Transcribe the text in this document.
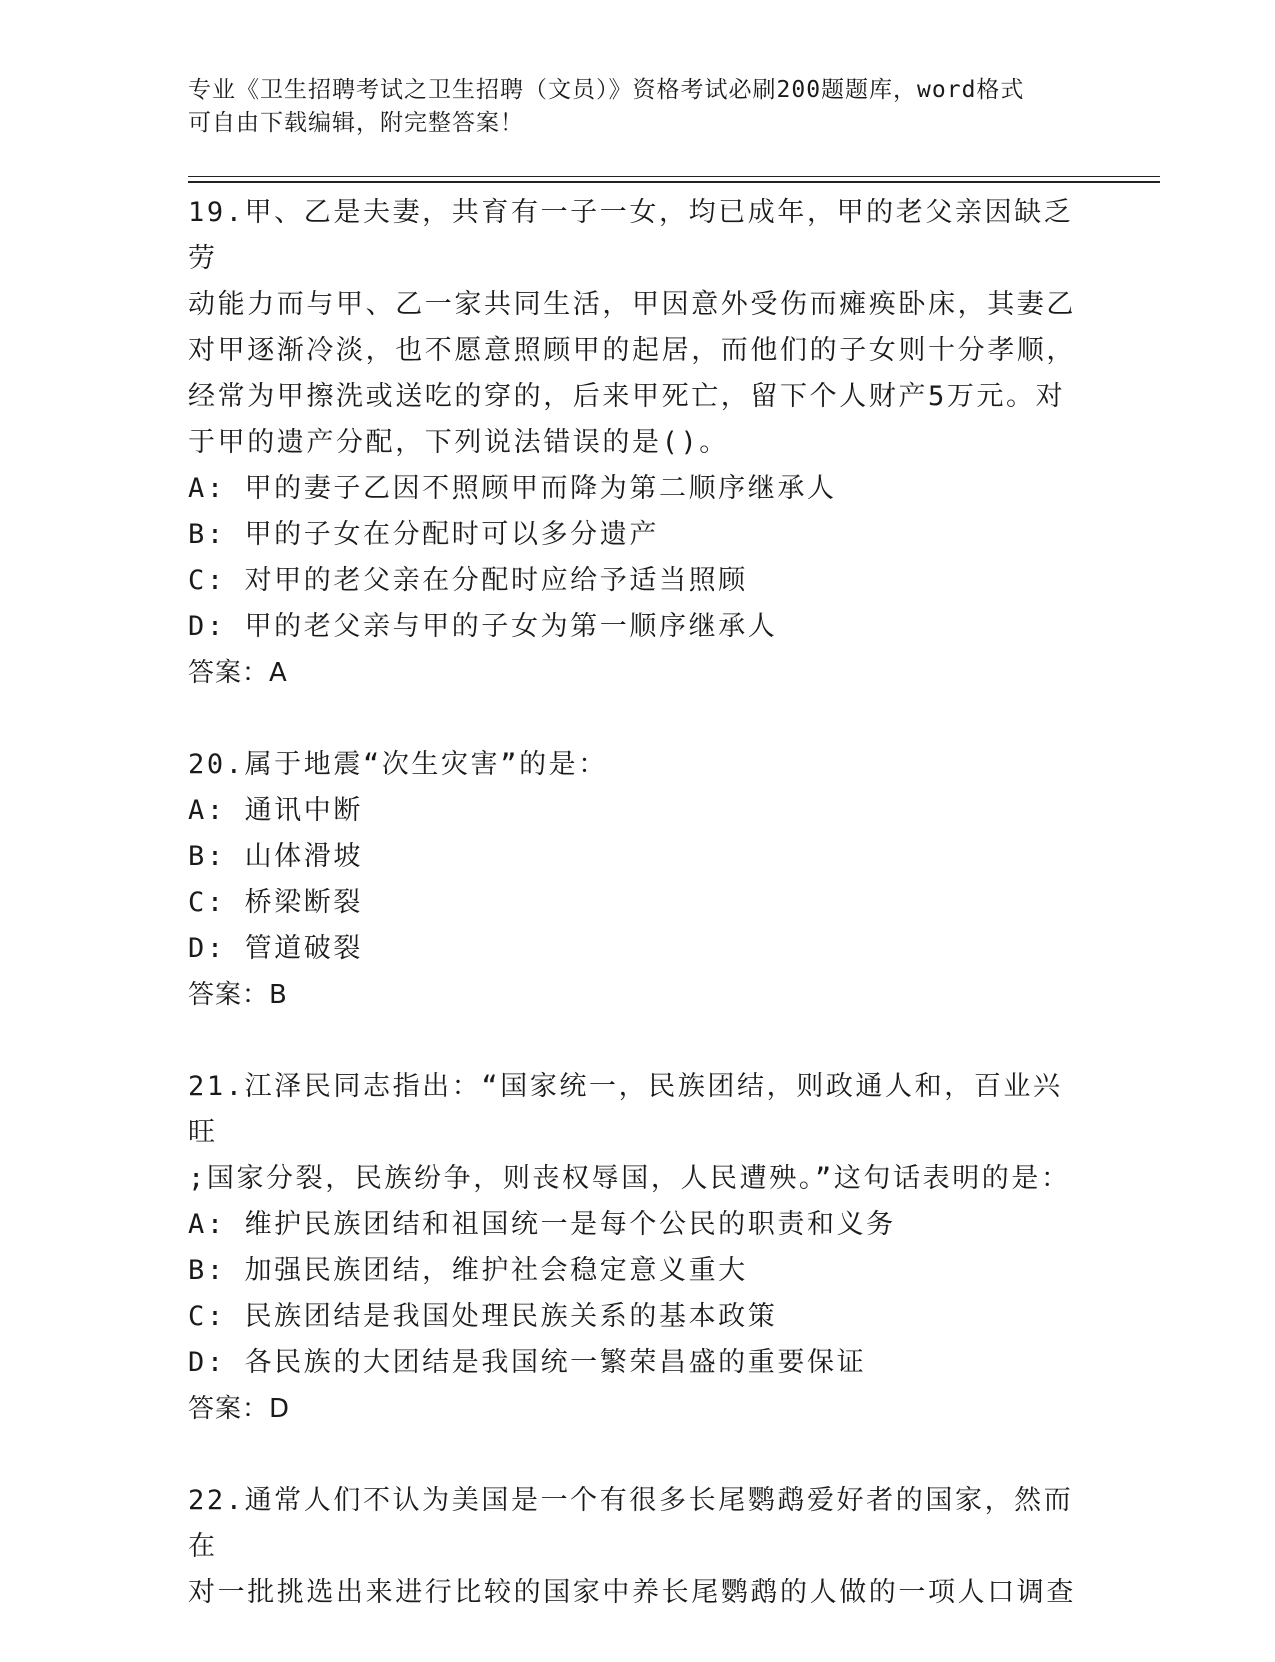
专业《卫生招聘考试之卫生招聘（文员）》资格考试必刷200题题库，word格式
可自由下载编辑，附完整答案！
19.甲、乙是夫妻，共育有一子一女，均已成年，甲的老父亲因缺乏劳
动能力而与甲、乙一家共同生活，甲因意外受伤而瘫痪卧床，其妻乙
对甲逐渐冷淡，也不愿意照顾甲的起居，而他们的子女则十分孝顺，
经常为甲擦洗或送吃的穿的，后来甲死亡，留下个人财产5万元。对
于甲的遗产分配，下列说法错误的是()。
A: 甲的妻子乙因不照顾甲而降为第二顺序继承人
B: 甲的子女在分配时可以多分遗产
C: 对甲的老父亲在分配时应给予适当照顾
D: 甲的老父亲与甲的子女为第一顺序继承人
答案：A
20.属于地震“次生灾害”的是：
A: 通讯中断
B: 山体滑坡
C: 桥梁断裂
D: 管道破裂
答案：B
21.江泽民同志指出：“国家统一，民族团结，则政通人和，百业兴旺
;国家分裂，民族纷争，则丧权辱国，人民遭殃。”这句话表明的是：
A: 维护民族团结和祖国统一是每个公民的职责和义务
B: 加强民族团结，维护社会稳定意义重大
C: 民族团结是我国处理民族关系的基本政策
D: 各民族的大团结是我国统一繁荣昌盛的重要保证
答案：D
22.通常人们不认为美国是一个有很多长尾鹦鹉爱好者的国家，然而在
对一批挑选出来进行比较的国家中养长尾鹦鹉的人做的一项人口调查
